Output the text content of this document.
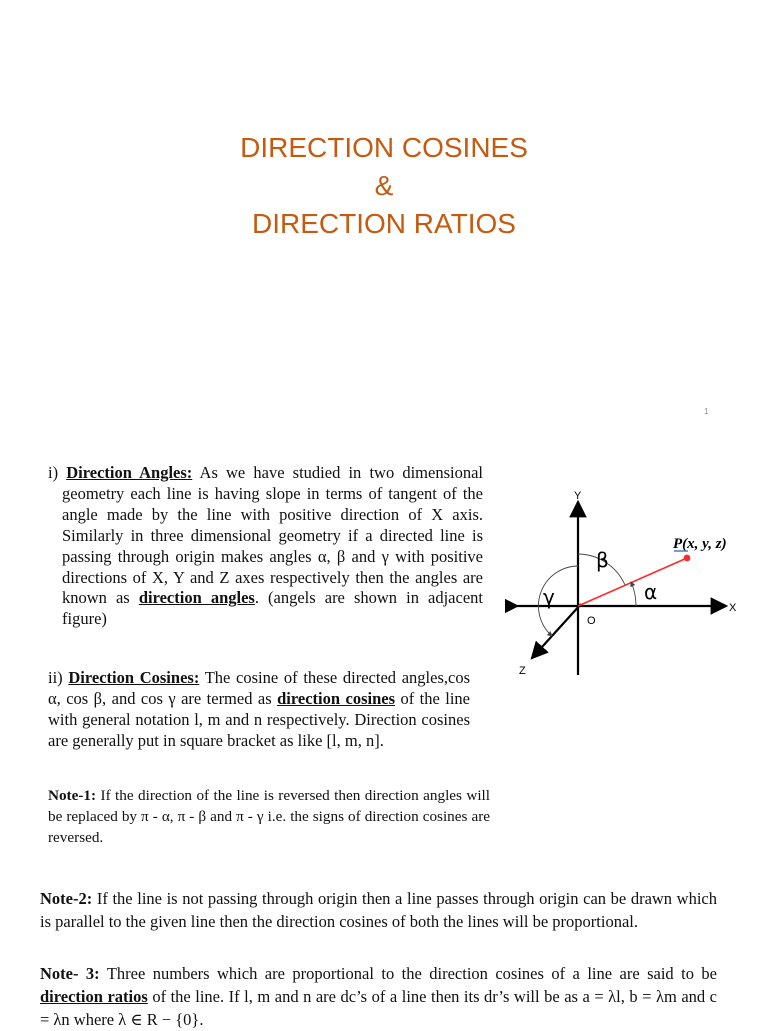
DIRECTION COSINES
&
DIRECTION RATIOS
1

i) Direction Angles: As we have studied in two dimensional geometry each line is having slope in terms of tangent of the angle made by the line with positive direction of X axis. Similarly in three dimensional geometry if a directed line is passing through origin makes angles α, β and γ with positive directions of X, Y and Z axes respectively then the angles are known as direction angles. (angels are shown in adjacent figure)

ii) Direction Cosines: The cosine of these directed angles,cos α, cos β, and cos γ are termed as direction cosines of the line with general notation l, m and n respectively. Direction cosines are generally put in square bracket as like [l, m, n].

Note-1: If the direction of the line is reversed then direction angles will be replaced by π - α, π - β and π - γ i.e. the signs of direction cosines are reversed.

Note-2: If the line is not passing through origin then a line passes through origin can be drawn which is parallel to the given line then the direction cosines of both the lines will be proportional.

Note- 3: Three numbers which are proportional to the direction cosines of a line are said to be direction ratios of the line. If l, m and n are dc’s of a line then its dr’s will be as a = λl, b = λm and c = λn where λ ∈ R − {0}.

Y
X
Z
O
P(x, y, z)
α
β
γ
